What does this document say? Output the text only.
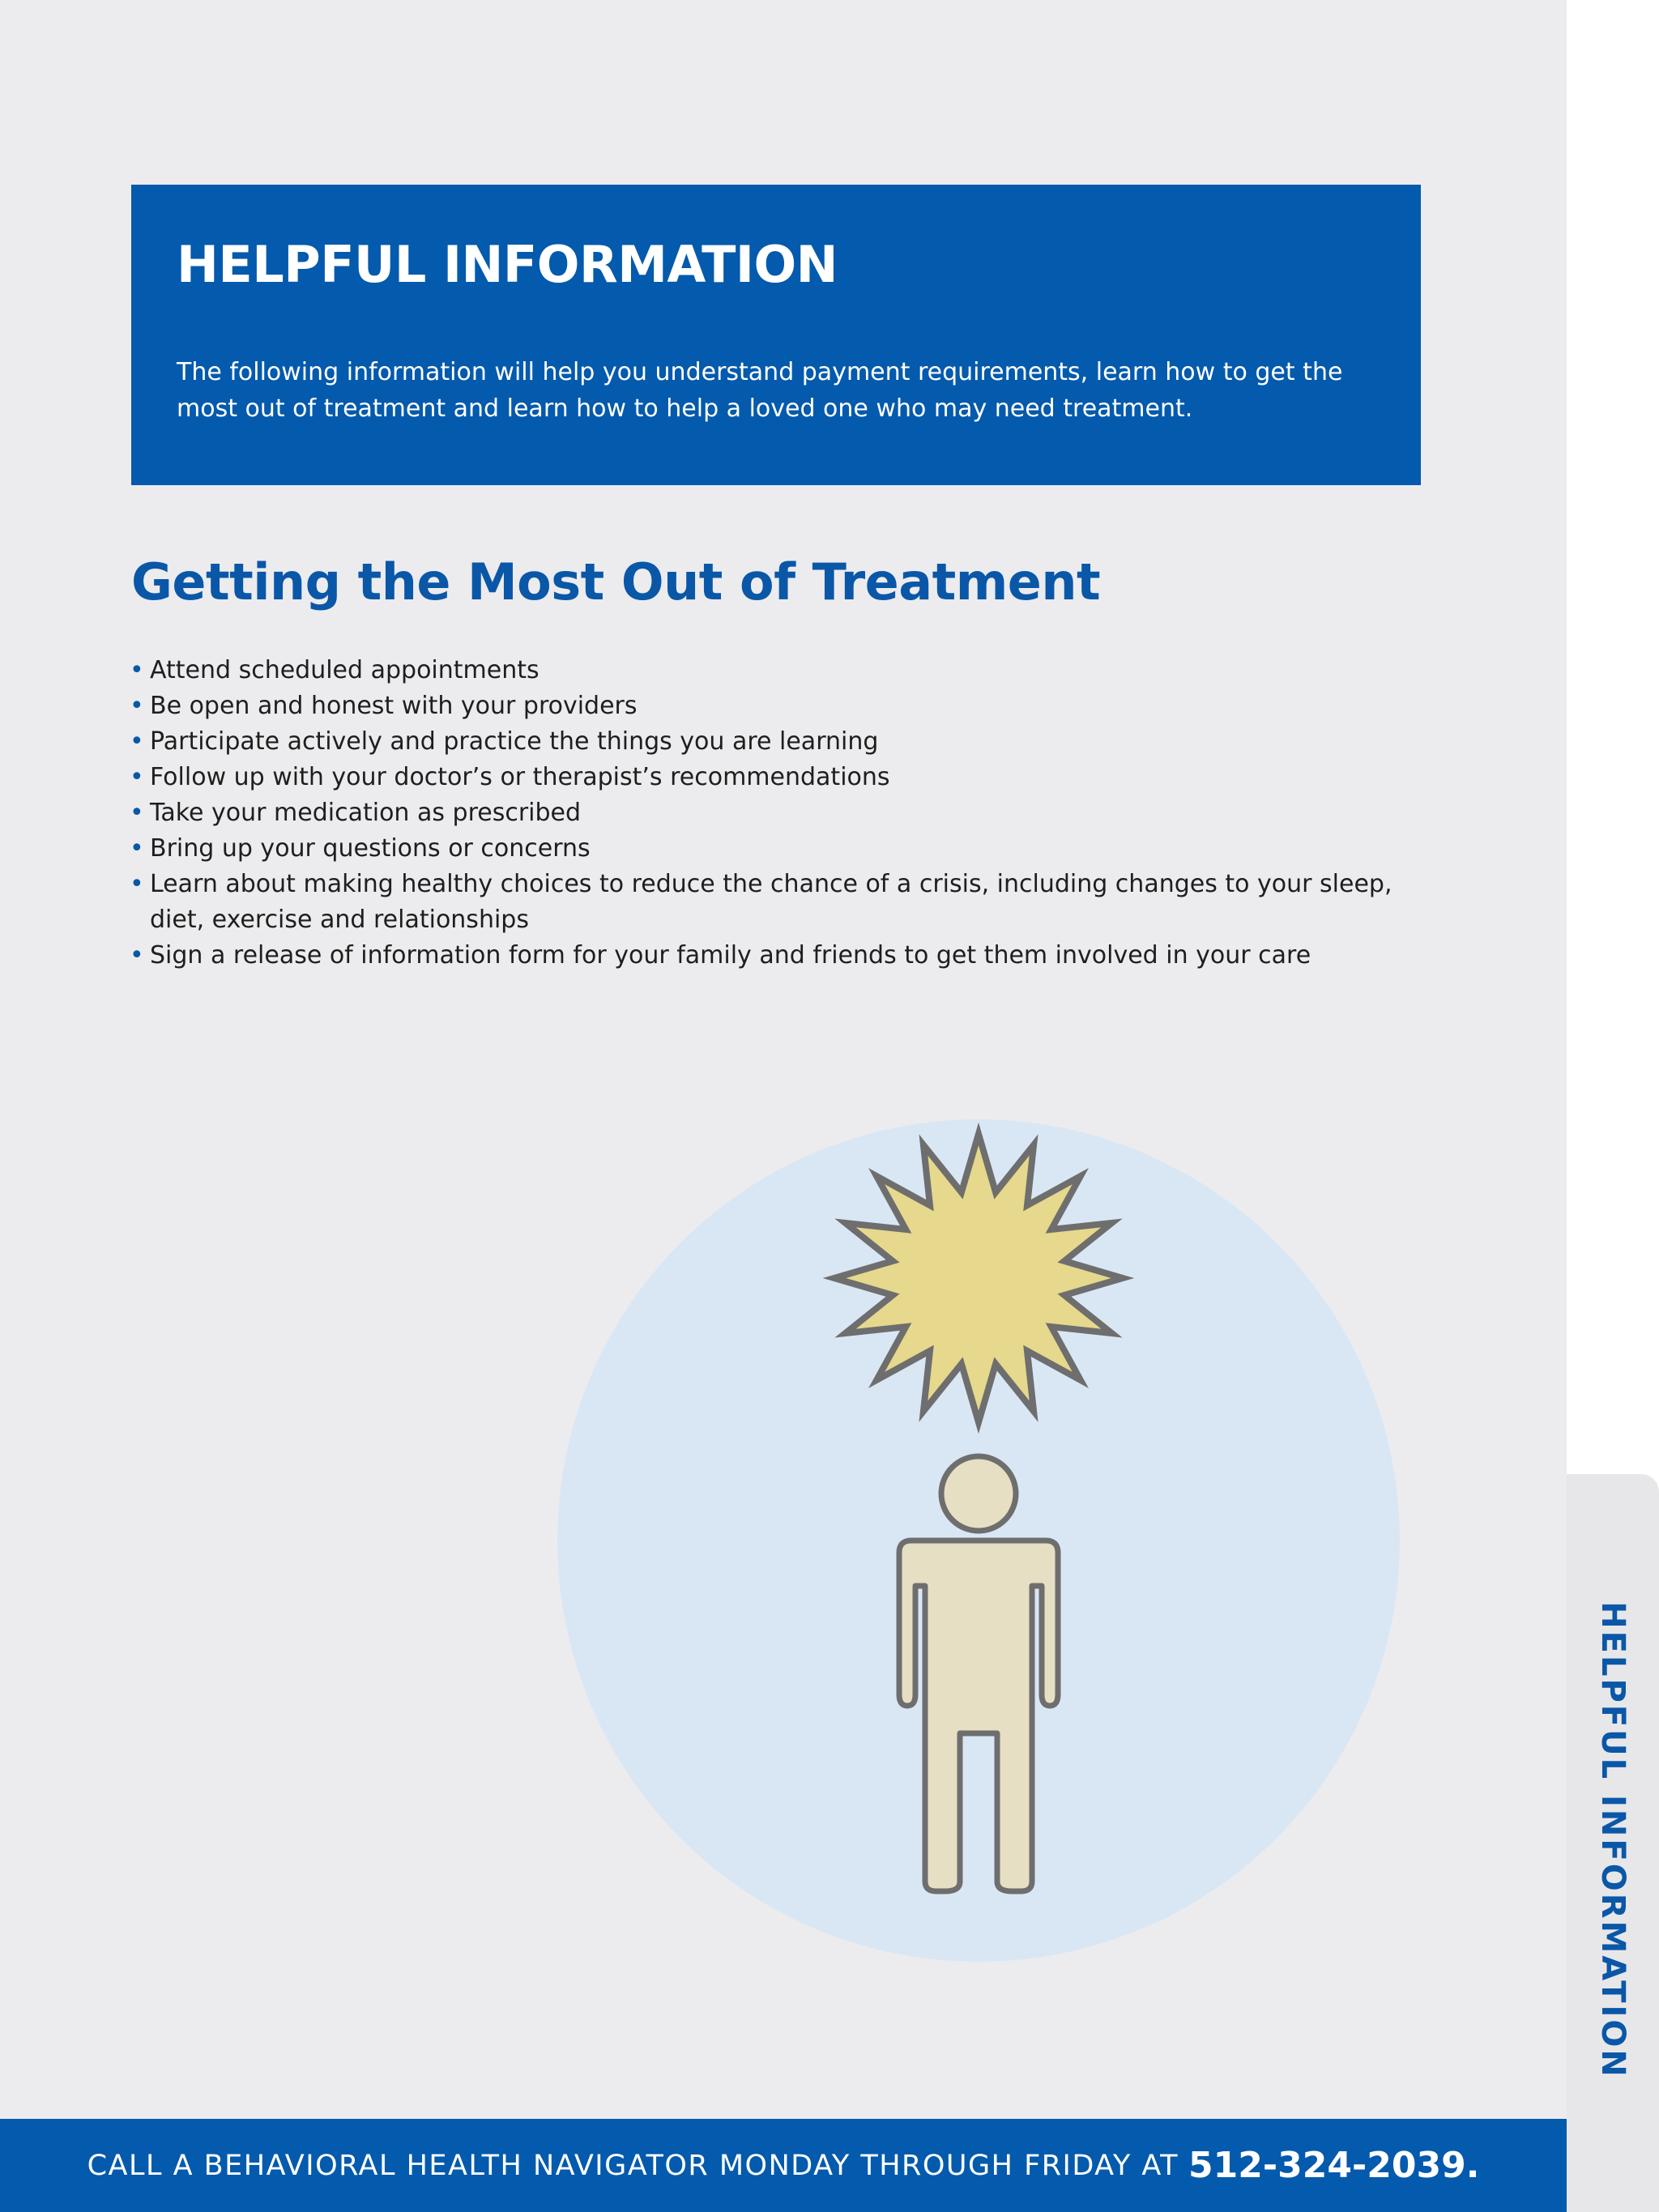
HELPFUL INFORMATION

The following information will help you understand payment requirements, learn how to get the most out of treatment and learn how to help a loved one who may need treatment.

Getting the Most Out of Treatment
• Attend scheduled appointments
• Be open and honest with your providers
• Participate actively and practice the things you are learning
• Follow up with your doctor’s or therapist’s recommendations
• Take your medication as prescribed
• Bring up your questions or concerns
• Learn about making healthy choices to reduce the chance of a crisis, including changes to your sleep, diet, exercise and relationships
• Sign a release of information form for your family and friends to get them involved in your care
HELPFUL INFORMATION
CALL A BEHAVIORAL HEALTH NAVIGATOR MONDAY THROUGH FRIDAY AT 512-324-2039.
